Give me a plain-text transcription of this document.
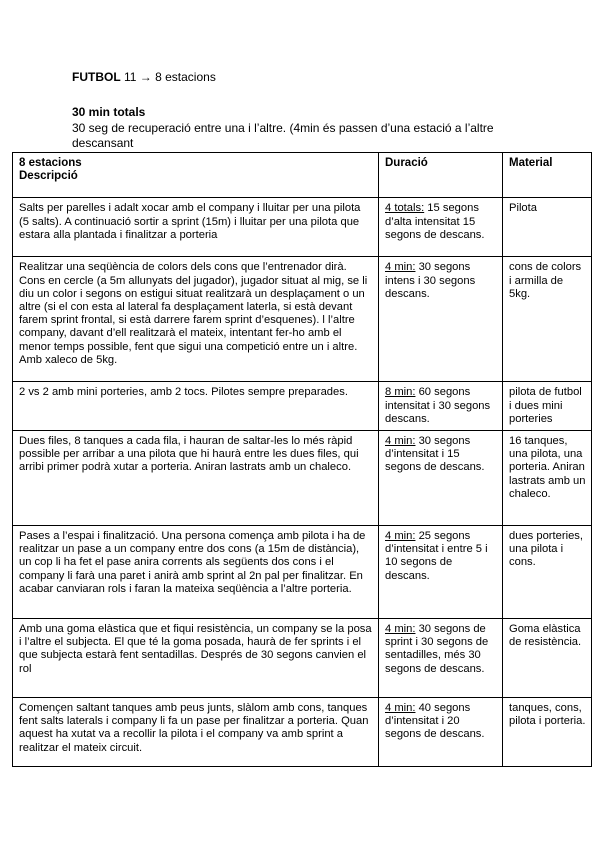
FUTBOL 11 → 8 estacions
30 min totals
30 seg de recuperació entre una i l’altre. (4min és passen d’una estació a l’altre descansant
8 estacions
Descripció	Duració	Material
Salts per parelles i adalt xocar amb el company i lluitar per una pilota (5 salts). A continuació sortir a sprint (15m) i lluitar per una pilota que estara alla plantada i finalitzar a porteria	4 totals: 15 segons d’alta intensitat 15 segons de descans.	Pilota
Realitzar una seqüència de colors dels cons que l’entrenador dirà. Cons en cercle (a 5m allunyats del jugador), jugador situat al mig, se li diu un color i segons on estigui situat realitzarà un desplaçament o un altre (si el con esta al lateral fa desplaçament laterla, si està devant farem sprint frontal, si està darrere farem sprint d’esquenes). l l’altre company, davant d’ell realitzarà el mateix, intentant fer-ho amb el menor temps possible, fent que sigui una competició entre un i altre. Amb xaleco de 5kg.	4 min: 30 segons intens i 30 segons descans.	cons de colors i armilla de 5kg.
2 vs 2 amb mini porteries, amb 2 tocs. Pilotes sempre preparades.	8 min: 60 segons intensitat i 30 segons descans.	pilota de futbol i dues mini porteries
Dues files, 8 tanques a cada fila, i hauran de saltar-les lo més ràpid possible per arribar a una pilota que hi haurà entre les dues files, qui arribi primer podrà xutar a porteria. Aniran lastrats amb un chaleco.	4 min: 30 segons d’intensitat i 15 segons de descans.	16 tanques, una pilota, una porteria. Aniran lastrats amb un chaleco.
Pases a l’espai i finalització. Una persona comença amb pilota i ha de realitzar un pase a un company entre dos cons (a 15m de distància), un cop li ha fet el pase anira corrents als següents dos cons i el company li farà una paret i anirà amb sprint al 2n pal per finalitzar. En acabar canviaran rols i faran la mateixa seqüència a l’altre porteria.	4 min: 25 segons d’intensitat i entre 5 i 10 segons de descans.	dues porteries, una pilota i cons.
Amb una goma elàstica que et fiqui resistència, un company se la posa i l’altre el subjecta. El que té la goma posada, haurà de fer sprints i el que subjecta estarà fent sentadillas. Després de 30 segons canvien el rol	4 min: 30 segons de sprint i 30 segons de sentadilles, més 30 segons de descans.	Goma elàstica de resistència.
Començen saltant tanques amb peus junts, slàlom amb cons, tanques fent salts laterals i company li fa un pase per finalitzar a porteria. Quan aquest ha xutat va a recollir la pilota i el company va amb sprint a realitzar el mateix circuit.	4 min: 40 segons d’intensitat i 20 segons de descans.	tanques, cons, pilota i porteria.
